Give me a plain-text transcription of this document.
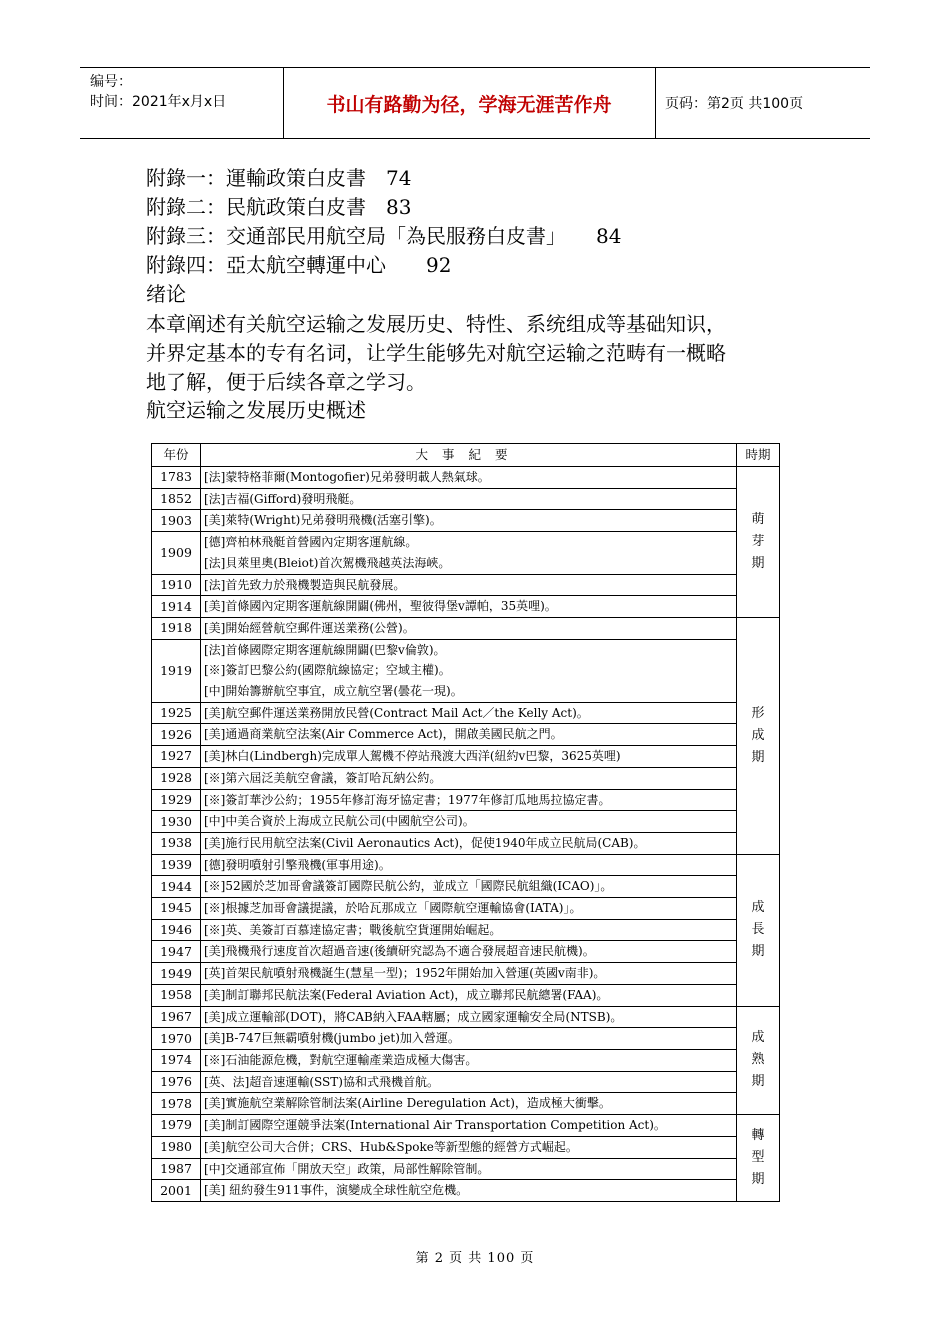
编号：
时间：2021年x月x日	书山有路勤为径，学海无涯苦作舟	页码：第2页 共100页
附錄一：運輸政策白皮書　74
附錄二：民航政策白皮書　83
附錄三：交通部民用航空局「為民服務白皮書」　　84
附錄四：亞太航空轉運中心　　92
绪论
本章阐述有关航空运输之发展历史、特性、系统组成等基础知识，
并界定基本的专有名词，让学生能够先对航空运输之范畴有一概略
地了解，便于后续各章之学习。
航空运输之发展历史概述
年份	大事紀要	時期
1783	[法]蒙特格菲爾(Montogofier)兄弟發明載人熱氣球。	萌芽期
1852	[法]吉福(Gifford)發明飛艇。	

1903	[美]萊特(Wright)兄弟發明飛機(活塞引擎)。	

1909	[德]齊柏林飛艇首營國內定期客運航線。
[法]貝萊里奧(Bleiot)首次駕機飛越英法海峽。	

1910	[法]首先致力於飛機製造與民航發展。	

1914	[美]首條國內定期客運航線開闢(佛州，聖彼得堡v譚帕，35英哩)。	

1918	[美]開始經營航空郵件運送業務(公營)。	形成期
1919	[法]首條國際定期客運航線開闢(巴黎v倫敦)。
[※]簽訂巴黎公約(國際航線協定；空域主權)。
[中]開始籌辦航空事宜，成立航空署(曇花一現)。	

1925	[美]航空郵件運送業務開放民營(Contract Mail Act／the Kelly Act)。	

1926	[美]通過商業航空法案(Air Commerce Act)，開啟美國民航之門。	

1927	[美]林白(Lindbergh)完成單人駕機不停站飛渡大西洋(紐約v巴黎，3625英哩)	

1928	[※]第六屆泛美航空會議，簽訂哈瓦納公約。	

1929	[※]簽訂華沙公約；1955年修訂海牙協定書；1977年修訂瓜地馬拉協定書。	

1930	[中]中美合資於上海成立民航公司(中國航空公司)。	

1938	[美]施行民用航空法案(Civil Aeronautics Act)，促使1940年成立民航局(CAB)。	

1939	[德]發明噴射引擎飛機(軍事用途)。	成長期
1944	[※]52國於芝加哥會議簽訂國際民航公約，並成立「國際民航組織(ICAO)」。	

1945	[※]根據芝加哥會議提議，於哈瓦那成立「國際航空運輸協會(IATA)」。	

1946	[※]英、美簽訂百慕達協定書；戰後航空貨運開始崛起。	

1947	[美]飛機飛行速度首次超過音速(後續研究認為不適合發展超音速民航機)。	

1949	[英]首架民航噴射飛機誕生(慧星一型)；1952年開始加入營運(英國v南非)。	

1958	[美]制訂聯邦民航法案(Federal Aviation Act)，成立聯邦民航總署(FAA)。	

1967	[美]成立運輸部(DOT)，將CAB納入FAA轄屬；成立國家運輸安全局(NTSB)。	成熟期
1970	[美]B-747巨無霸噴射機(jumbo jet)加入營運。	

1974	[※]石油能源危機，對航空運輸產業造成極大傷害。	

1976	[英、法]超音速運輸(SST)協和式飛機首航。	

1978	[美]實施航空業解除管制法案(Airline Deregulation Act)，造成極大衝擊。	

1979	[美]制訂國際空運競爭法案(International Air Transportation Competition Act)。	轉型期
1980	[美]航空公司大合併；CRS、Hub&Spoke等新型態的經營方式崛起。	

1987	[中]交通部宣佈「開放天空」政策，局部性解除管制。	

2001	[美] 紐約發生911事件，演變成全球性航空危機。	
第 2 页 共 100 页
